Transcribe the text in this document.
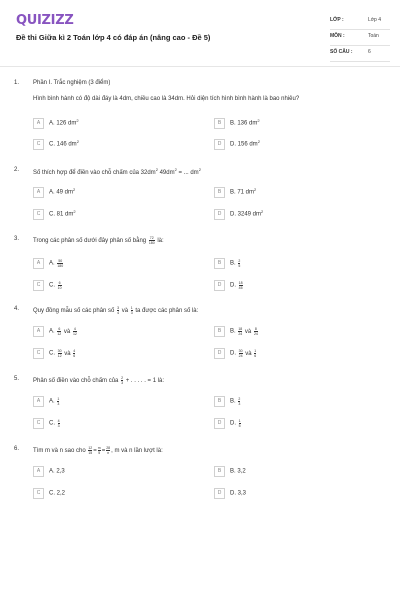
QUIZIZZ
Đề thi Giữa kì 2 Toán lớp 4 có đáp án (nâng cao - Đề 5)
LỚP :	Lớp 4
MÔN :	Toán
SỐ CÂU :	6
1. Phần I. Trắc nghiệm (3 điểm)
Hình bình hành có độ dài đáy là 4dm, chiều cao là 34dm. Hỏi diện tích hình bình hành là bao nhiêu?
A A. 126 $dm^2$	B B. 136 $dm^2$
C C. 146 $dm^2$	D D. 156 $dm^2$
2. Số thích hợp để điền vào chỗ chấm của $32dm^2$ $49dm^2$ = ... $dm^2$
A A. 49 $dm^2$	B B. 71 $dm^2$
C C. 81 $dm^2$	D D. 3249 $dm^2$
3. Trong các phân số dưới đây phân số bằng $\frac{72}{180}$ là:
A A. $\frac{50}{180}$	B B. $\frac{2}{5}$
C C. $\frac{6}{10}$	D D. $\frac{18}{45}$
4. Quy đồng mẫu số các phân số $\frac{3}{4}$ và $\frac{1}{3}$ ta được các phân số là:
A A. $\frac{6}{12}$ và $\frac{4}{12}$	B B. $\frac{18}{24}$ và $\frac{8}{24}$
C C. $\frac{30}{12}$ và $\frac{4}{6}$	D D. $\frac{30}{24}$ và $\frac{1}{6}$
5. Phân số điền vào chỗ chấm của $\frac{2}{3}$ + . . . . . = 1 là:
A A. $\frac{1}{3}$	B B. $\frac{2}{3}$
C C. $\frac{4}{3}$	D D. $\frac{1}{5}$
6. Tìm m và n sao cho $\frac{12}{15} = \frac{m}{5} = \frac{28}{n}$ , m và n lần lượt là:
A A. 2,3	B B. 3,2
C C. 2,2	D D. 3,3
